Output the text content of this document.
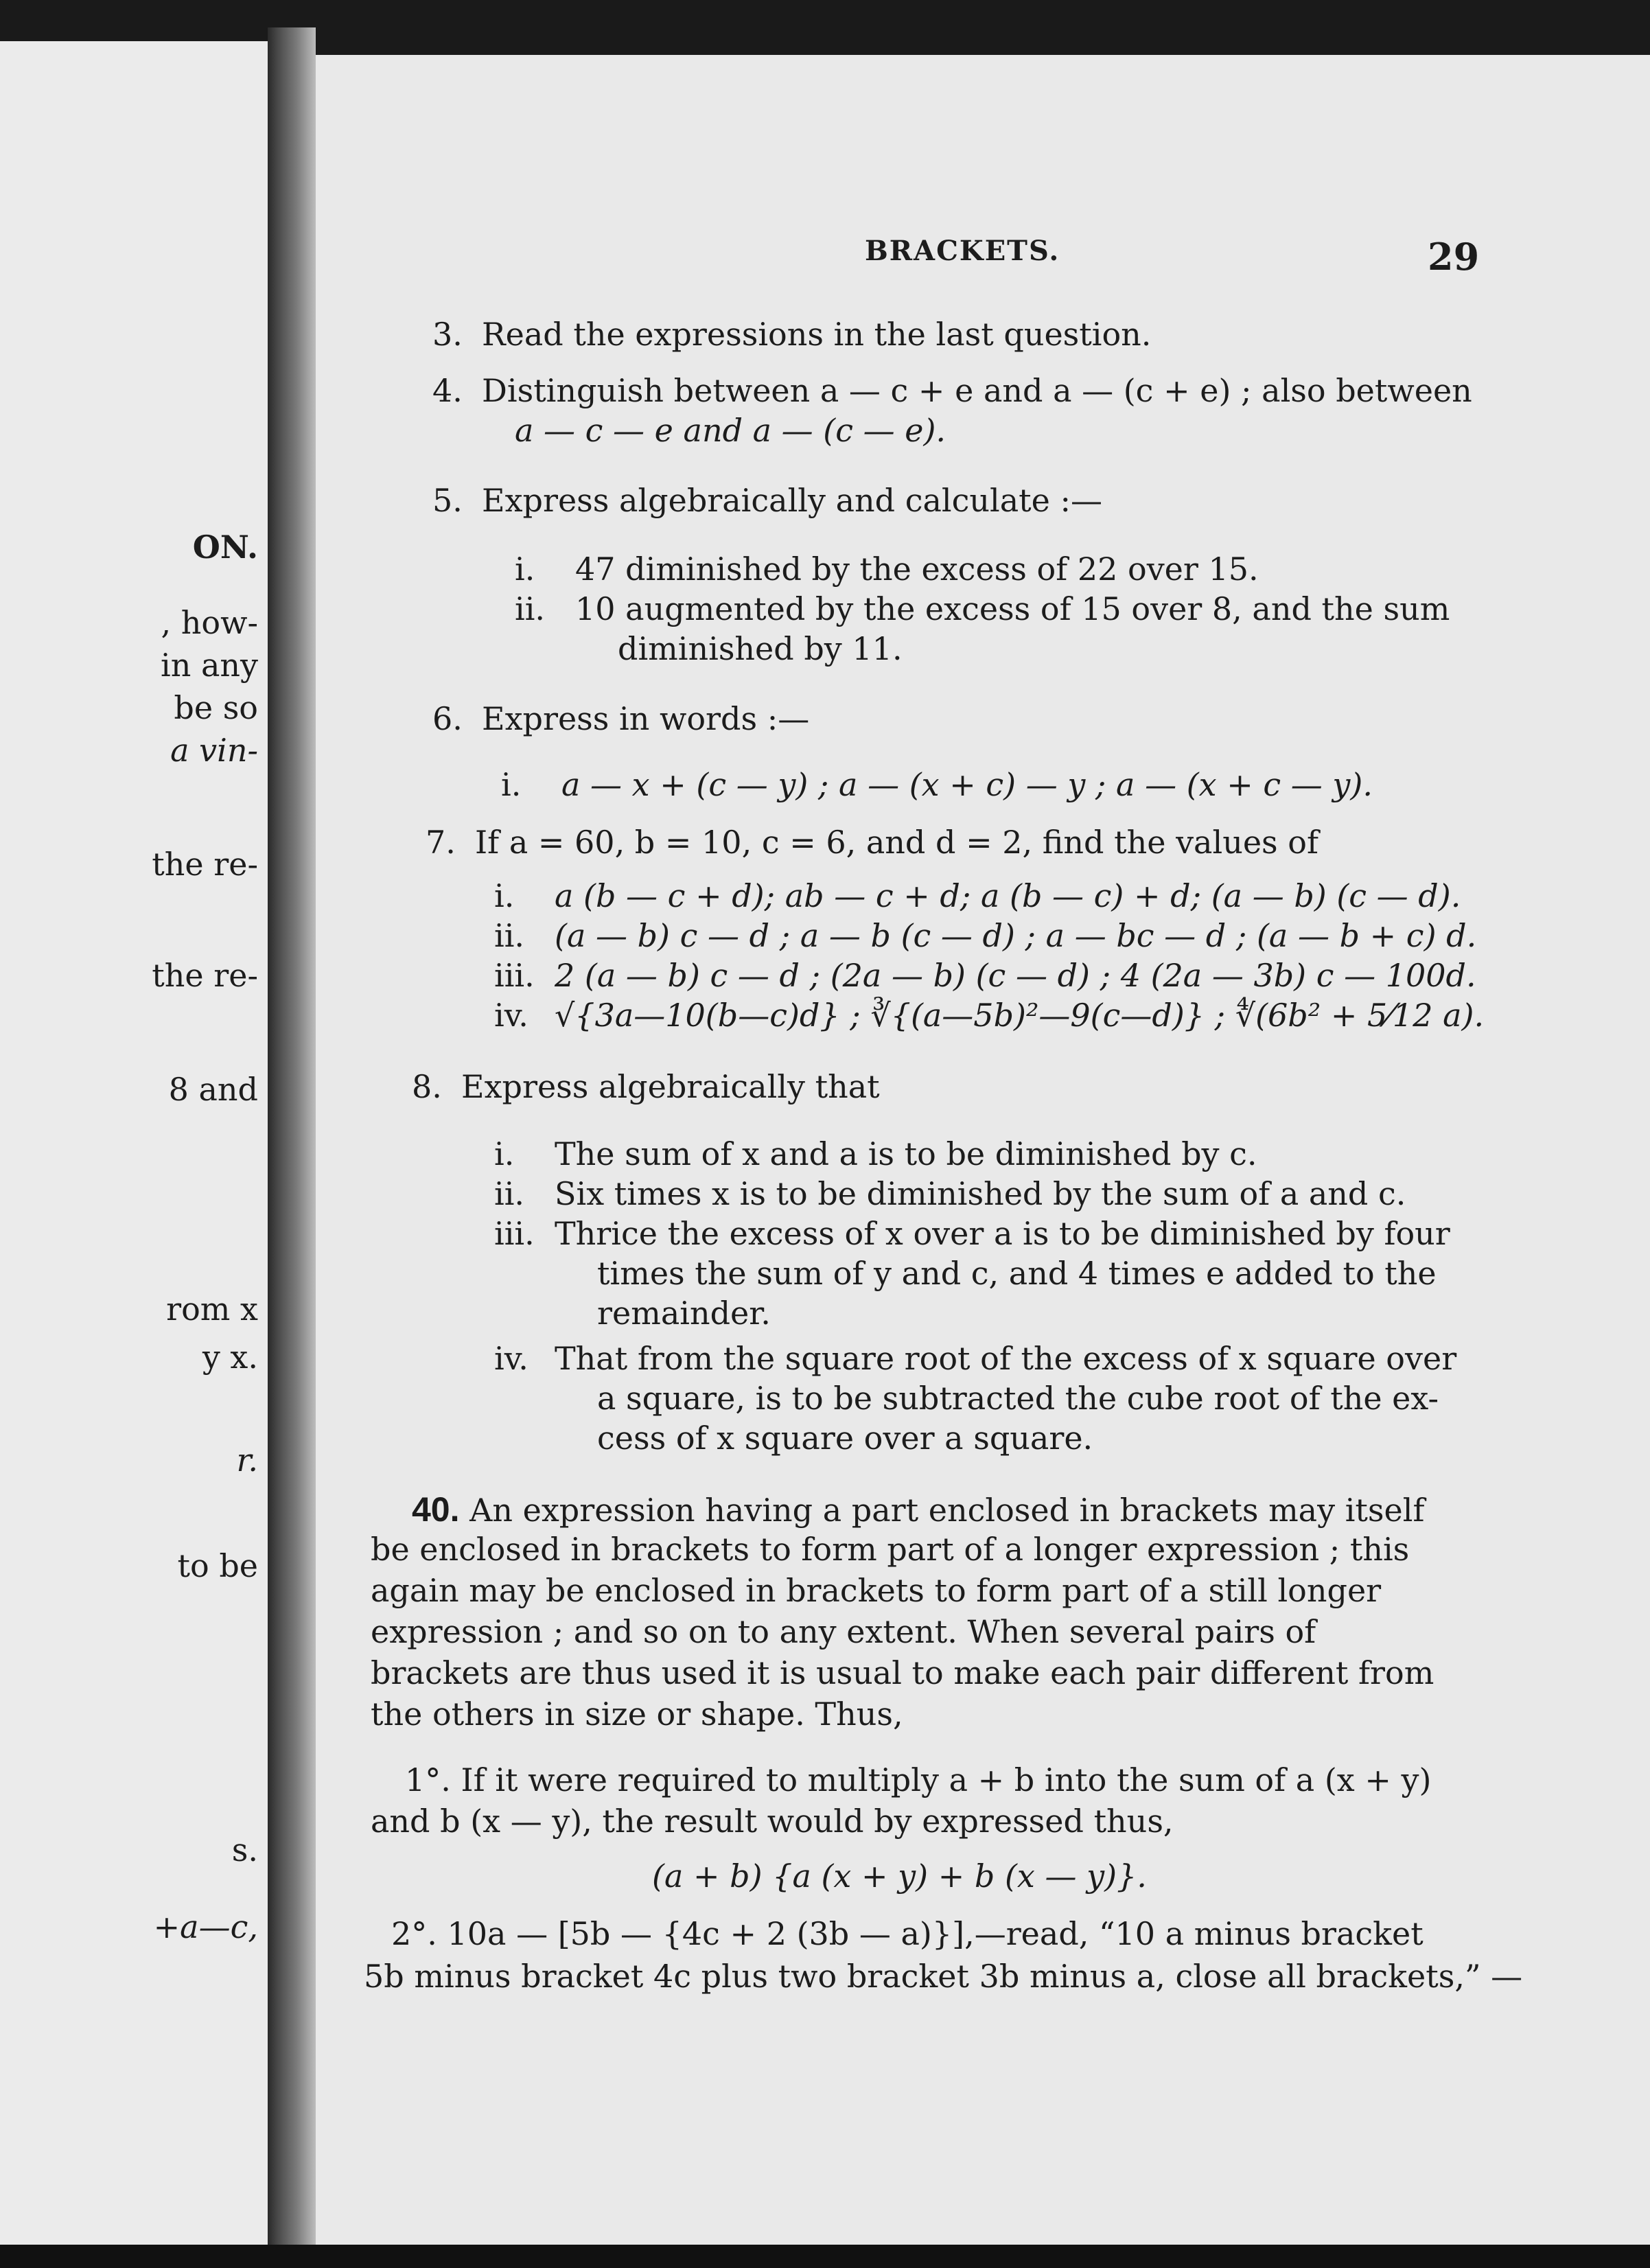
ON.
, how-
in any
be so
a vin-
the re-
the re-
8 and
rom x
y x.
r.
to be
s.
+a—c,
BRACKETS.	29
3. Read the expressions in the last question.
4. Distinguish between a — c + e and a — (c + e) ; also between
a — c — e and a — (c — e).
5. Express algebraically and calculate :—
i. 47 diminished by the excess of 22 over 15.
ii. 10 augmented by the excess of 15 over 8, and the sum
diminished by 11.
6. Express in words :—
i. a — x + (c — y) ; a — (x + c) — y ; a — (x + c — y).
7. If a = 60, b = 10, c = 6, and d = 2, find the values of
i. a (b — c + d); ab — c + d; a (b — c) + d; (a — b) (c — d).
ii. (a — b) c — d ; a — b (c — d) ; a — bc — d ; (a — b + c) d.
iii. 2 (a — b) c — d ; (2a — b) (c — d) ; 4 (2a — 3b) c — 100d.
iv. √{3a—10(b—c)d} ; ∛{(a—5b)²—9(c—d)} ; ∜(6b² + 5⁄12 a).
8. Express algebraically that
i. The sum of x and a is to be diminished by c.
ii. Six times x is to be diminished by the sum of a and c.
iii. Thrice the excess of x over a is to be diminished by four
times the sum of y and c, and 4 times e added to the
remainder.
iv. That from the square root of the excess of x square over
a square, is to be subtracted the cube root of the ex-
cess of x square over a square.
40. An expression having a part enclosed in brackets may itself
be enclosed in brackets to form part of a longer expression ; this
again may be enclosed in brackets to form part of a still longer
expression ; and so on to any extent. When several pairs of
brackets are thus used it is usual to make each pair different from
the others in size or shape. Thus,
1°. If it were required to multiply a + b into the sum of a (x + y)
and b (x — y), the result would by expressed thus,
(a + b) {a (x + y) + b (x — y)}.
2°. 10a — [5b — {4c + 2 (3b — a)}],—read, “10 a minus bracket
5b minus bracket 4c plus two bracket 3b minus a, close all brackets,” —
